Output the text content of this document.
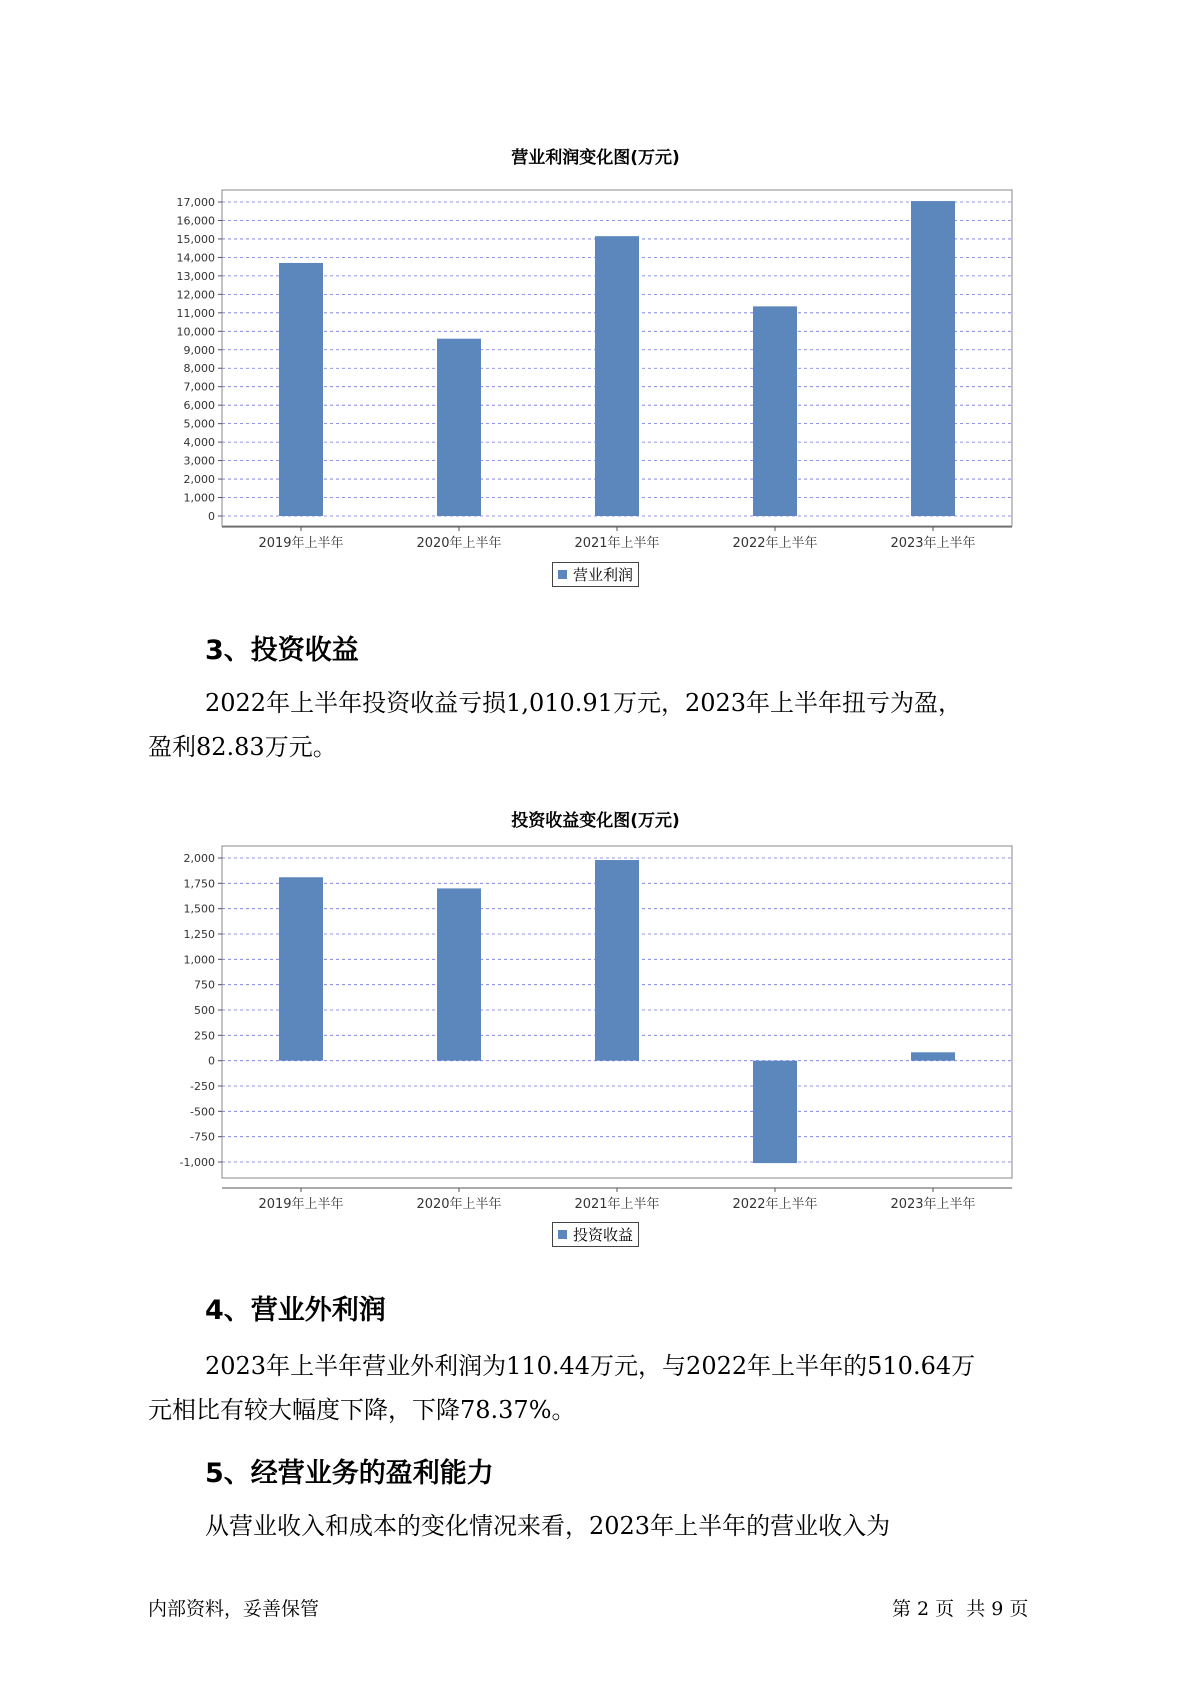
营业利润变化图(万元)
0
1,000
2,000
3,000
4,000
5,000
6,000
7,000
8,000
9,000
10,000
11,000
12,000
13,000
14,000
15,000
16,000
17,000
2019年上半年	2020年上半年	2021年上半年	2022年上半年	2023年上半年
营业利润
3、投资收益
2022年上半年投资收益亏损1,010.91万元，2023年上半年扭亏为盈，
盈利82.83万元。
投资收益变化图(万元)
-1,000
-750
-500
-250
0
250
500
750
1,000
1,250
1,500
1,750
2,000
2019年上半年	2020年上半年	2021年上半年	2022年上半年	2023年上半年
投资收益
4、营业外利润
2023年上半年营业外利润为110.44万元，与2022年上半年的510.64万
元相比有较大幅度下降，下降78.37%。
5、经营业务的盈利能力
从营业收入和成本的变化情况来看，2023年上半年的营业收入为
内部资料，妥善保管	第 2 页  共 9 页
